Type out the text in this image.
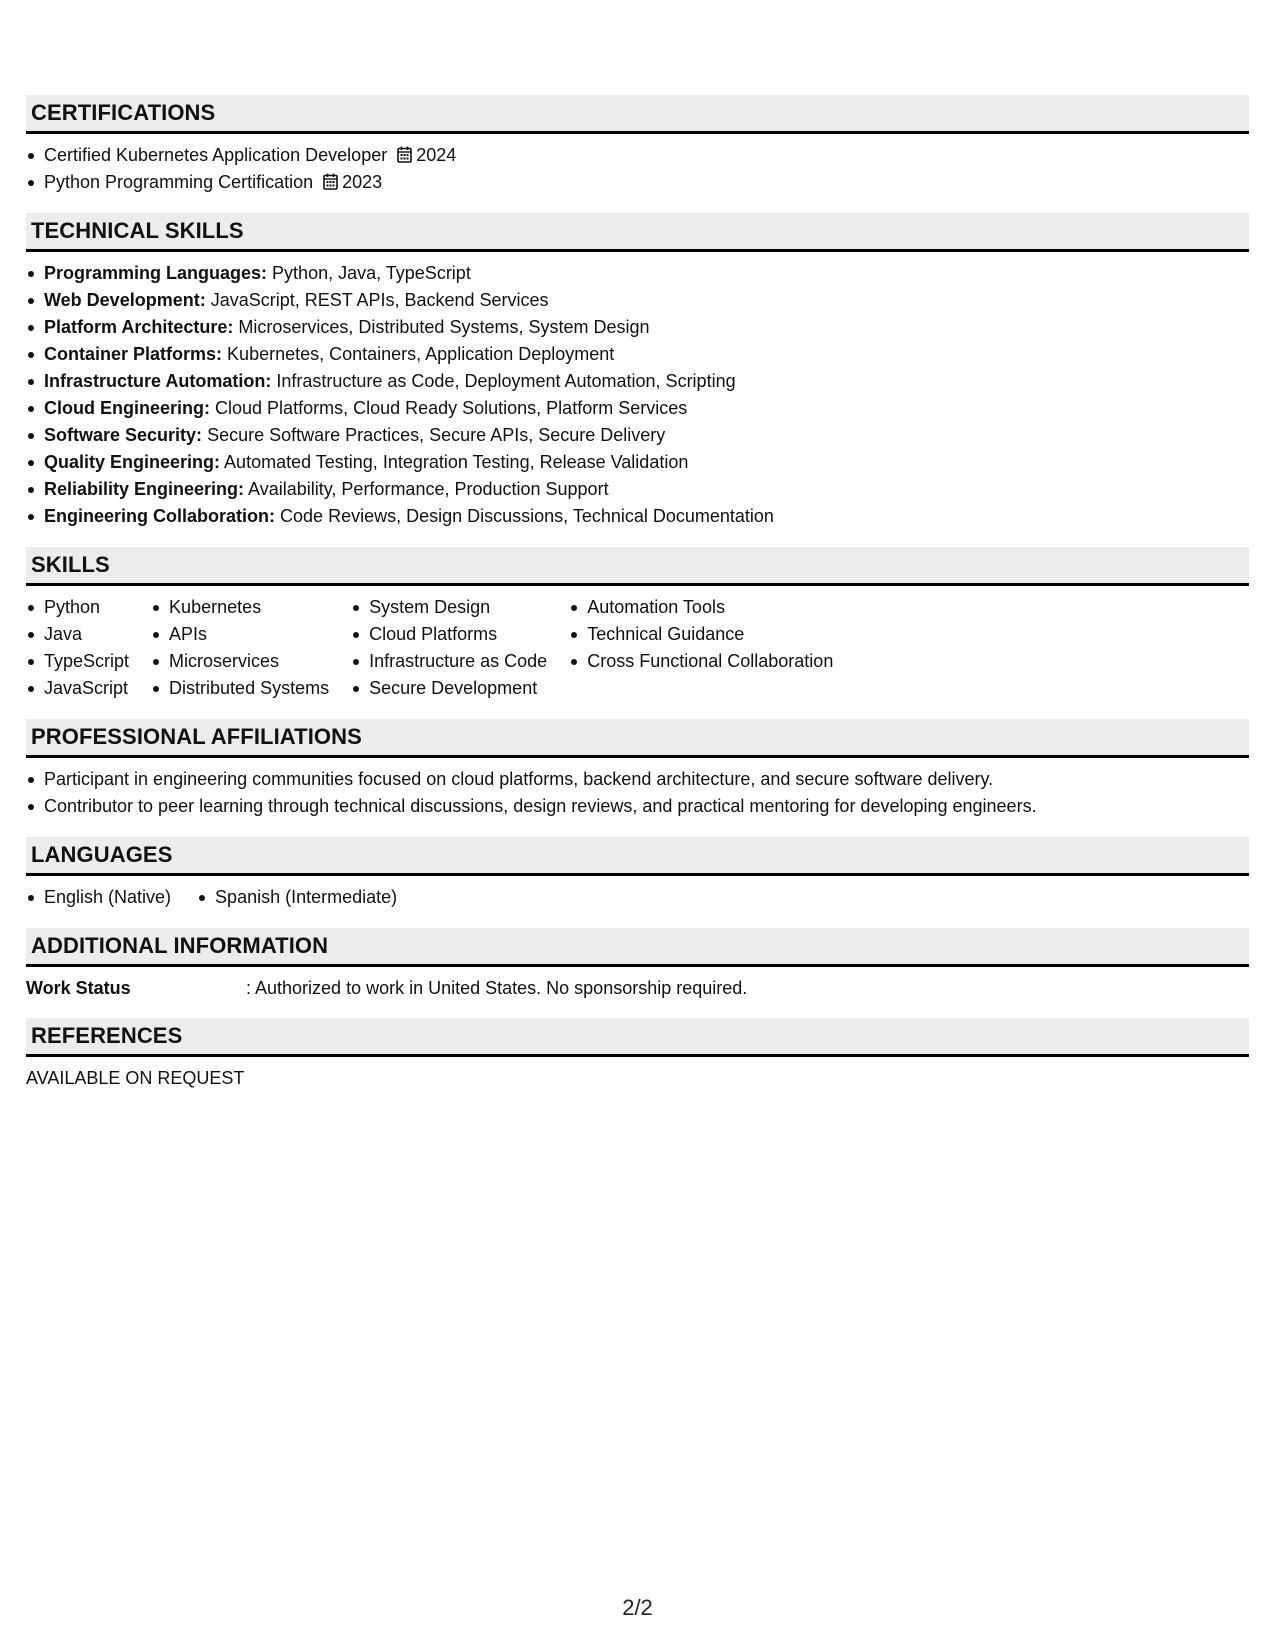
CERTIFICATIONS
Certified Kubernetes Application Developer 2024
Python Programming Certification 2023
TECHNICAL SKILLS
Programming Languages: Python, Java, TypeScript
Web Development: JavaScript, REST APIs, Backend Services
Platform Architecture: Microservices, Distributed Systems, System Design
Container Platforms: Kubernetes, Containers, Application Deployment
Infrastructure Automation: Infrastructure as Code, Deployment Automation, Scripting
Cloud Engineering: Cloud Platforms, Cloud Ready Solutions, Platform Services
Software Security: Secure Software Practices, Secure APIs, Secure Delivery
Quality Engineering: Automated Testing, Integration Testing, Release Validation
Reliability Engineering: Availability, Performance, Production Support
Engineering Collaboration: Code Reviews, Design Discussions, Technical Documentation
SKILLS
Python
Java
TypeScript
JavaScript
Kubernetes
APIs
Microservices
Distributed Systems
System Design
Cloud Platforms
Infrastructure as Code
Secure Development
Automation Tools
Technical Guidance
Cross Functional Collaboration
PROFESSIONAL AFFILIATIONS
Participant in engineering communities focused on cloud platforms, backend architecture, and secure software delivery.
Contributor to peer learning through technical discussions, design reviews, and practical mentoring for developing engineers.
LANGUAGES
English (Native)	Spanish (Intermediate)
ADDITIONAL INFORMATION
Work Status	: Authorized to work in United States. No sponsorship required.
REFERENCES
AVAILABLE ON REQUEST
2/2
